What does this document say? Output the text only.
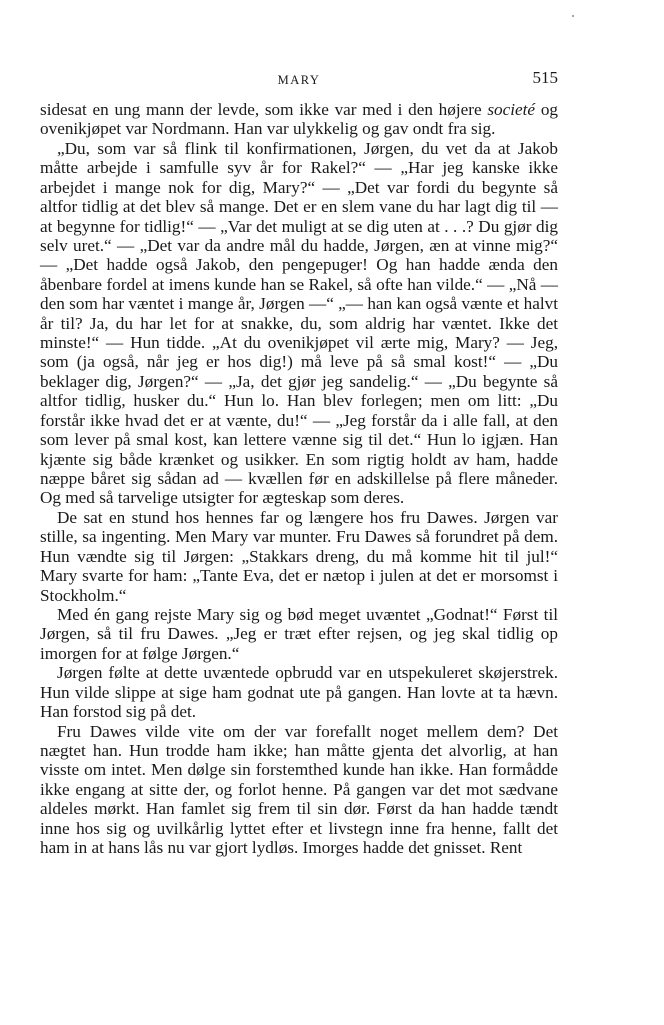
MARY	515

sidesat en ung mann der levde, som ikke var med i den højere societé og ovenikjøpet var Nordmann. Han var ulykkelig og gav ondt fra sig.

„Du, som var så flink til konfirmationen, Jørgen, du vet da at Jakob måtte arbejde i samfulle syv år for Rakel?“ — „Har jeg kanske ikke arbejdet i mange nok for dig, Mary?“ — „Det var fordi du begynte så altfor tidlig at det blev så mange. Det er en slem vane du har lagt dig til — at begynne for tidlig!“ — „Var det muligt at se dig uten at . . .? Du gjør dig selv uret.“ — „Det var da andre mål du hadde, Jørgen, æn at vinne mig?“ — „Det hadde også Jakob, den pengepuger! Og han hadde ænda den åbenbare fordel at imens kunde han se Rakel, så ofte han vilde.“ — „Nå — den som har væntet i mange år, Jørgen —“ „— han kan også vænte et halvt år til? Ja, du har let for at snakke, du, som aldrig har væntet. Ikke det minste!“ — Hun tidde. „At du ovenikjøpet vil ærte mig, Mary? — Jeg, som (ja også, når jeg er hos dig!) må leve på så smal kost!“ — „Du beklager dig, Jørgen?“ — „Ja, det gjør jeg sandelig.“ — „Du begynte så altfor tidlig, husker du.“ Hun lo. Han blev forlegen; men om litt: „Du forstår ikke hvad det er at vænte, du!“ — „Jeg forstår da i alle fall, at den som lever på smal kost, kan lettere vænne sig til det.“ Hun lo igjæn. Han kjænte sig både krænket og usikker. En som rigtig holdt av ham, hadde næppe båret sig sådan ad — kvællen før en adskillelse på flere måneder. Og med så tarvelige utsigter for ægteskap som deres.

De sat en stund hos hennes far og længere hos fru Dawes. Jørgen var stille, sa ingenting. Men Mary var munter. Fru Dawes så forundret på dem. Hun vændte sig til Jørgen: „Stakkars dreng, du må komme hit til jul!“ Mary svarte for ham: „Tante Eva, det er nætop i julen at det er morsomst i Stockholm.“

Med én gang rejste Mary sig og bød meget uvæntet „Godnat!“ Først til Jørgen, så til fru Dawes. „Jeg er træt efter rejsen, og jeg skal tidlig op imorgen for at følge Jørgen.“

Jørgen følte at dette uvæntede opbrudd var en utspekuleret skøjerstrek. Hun vilde slippe at sige ham godnat ute på gangen. Han lovte at ta hævn. Han forstod sig på det.

Fru Dawes vilde vite om der var forefallt noget mellem dem? Det nægtet han. Hun trodde ham ikke; han måtte gjenta det alvorlig, at han visste om intet. Men dølge sin forstemthed kunde han ikke. Han formådde ikke engang at sitte der, og forlot henne. På gangen var det mot sædvane aldeles mørkt. Han famlet sig frem til sin dør. Først da han hadde tændt inne hos sig og uvilkårlig lyttet efter et livstegn inne fra henne, fallt det ham in at hans lås nu var gjort lydløs. Imorges hadde det gnisset. Rent
